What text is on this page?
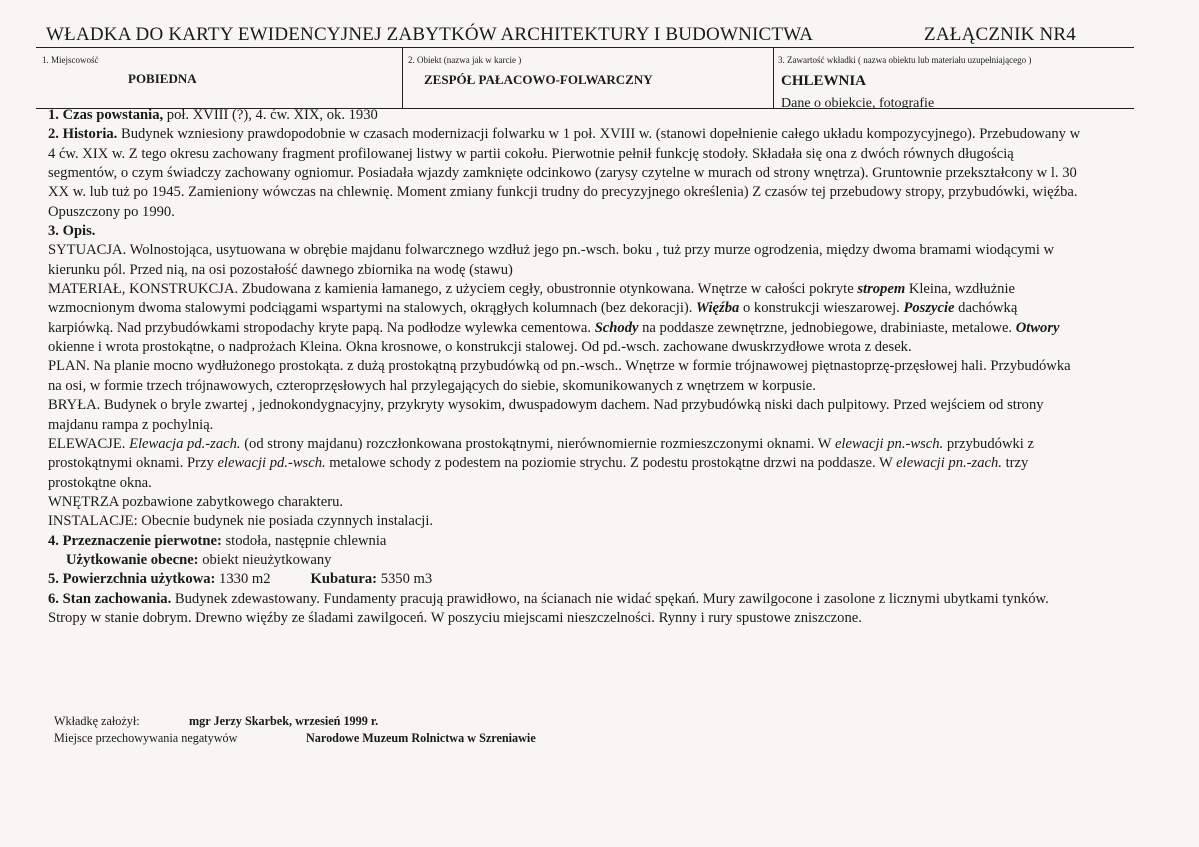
WŁADKA DO KARTY EWIDENCYJNEJ ZABYTKÓW ARCHITEKTURY I BUDOWNICTWA	ZAŁĄCZNIK NR4
1. Miejscowość
POBIEDNA
2. Obiekt (nazwa jak w karcie )
ZESPÓŁ PAŁACOWO-FOLWARCZNY
3. Zawartość wkładki ( nazwa obiektu lub materiału uzupełniającego )
CHLEWNIA
Dane o obiekcie, fotografie

1. Czas powstania, poł. XVIII (?), 4. ćw. XIX, ok. 1930

2. Historia. Budynek wzniesiony prawdopodobnie w czasach modernizacji folwarku w 1 poł. XVIII w. (stanowi dopełnienie całego układu kompozycyjnego). Przebudowany w 4 ćw. XIX w. Z tego okresu zachowany fragment profilowanej listwy w partii cokołu. Pierwotnie pełnił funkcję stodoły. Składała się ona z dwóch równych długością segmentów, o czym świadczy zachowany ogniomur. Posiadała wjazdy zamknięte odcinkowo (zarysy czytelne w murach od strony wnętrza). Gruntownie przekształcony w l. 30 XX w. lub tuż po 1945. Zamieniony wówczas na chlewnię. Moment zmiany funkcji trudny do precyzyjnego określenia) Z czasów tej przebudowy stropy, przybudówki, więźba. Opuszczony po 1990.

3. Opis.

SYTUACJA. Wolnostojąca, usytuowana w obrębie majdanu folwarcznego wzdłuż jego pn.-wsch. boku , tuż przy murze ogrodzenia, między dwoma bramami wiodącymi w kierunku pól. Przed nią, na osi pozostałość dawnego zbiornika na wodę (stawu)

MATERIAŁ, KONSTRUKCJA. Zbudowana z kamienia łamanego, z użyciem cegły, obustronnie otynkowana. Wnętrze w całości pokryte stropem Kleina, wzdłużnie wzmocnionym dwoma stalowymi podciągami wspartymi na stalowych, okrągłych kolumnach (bez dekoracji). Więźba o konstrukcji wieszarowej. Poszycie dachówką karpiówką. Nad przybudówkami stropodachy kryte papą. Na podłodze wylewka cementowa. Schody na poddasze zewnętrzne, jednobiegowe, drabiniaste, metalowe. Otwory okienne i wrota prostokątne, o nadprożach Kleina. Okna krosnowe, o konstrukcji stalowej. Od pd.-wsch. zachowane dwuskrzydłowe wrota z desek.

PLAN. Na planie mocno wydłużonego prostokąta. z dużą prostokątną przybudówką od pn.-wsch.. Wnętrze w formie trójnawowej piętnastoprzę-przęsłowej hali. Przybudówka na osi, w formie trzech trójnawowych, czteroprzęsłowych hal przylegających do siebie, skomunikowanych z wnętrzem w korpusie.

BRYŁA. Budynek o bryle zwartej , jednokondygnacyjny, przykryty wysokim, dwuspadowym dachem. Nad przybudówką niski dach pulpitowy. Przed wejściem od strony majdanu rampa z pochylnią.

ELEWACJE. Elewacja pd.-zach. (od strony majdanu) rozczłonkowana prostokątnymi, nierównomiernie rozmieszczonymi oknami. W elewacji pn.-wsch. przybudówki z prostokątnymi oknami. Przy elewacji pd.-wsch. metalowe schody z podestem na poziomie strychu. Z podestu prostokątne drzwi na poddasze. W elewacji pn.-zach. trzy prostokątne okna.

WNĘTRZA pozbawione zabytkowego charakteru.

INSTALACJE: Obecnie budynek nie posiada czynnych instalacji.

4. Przeznaczenie pierwotne: stodoła, następnie chlewnia

Użytkowanie obecne: obiekt nieużytkowany

5. Powierzchnia użytkowa: 1330 m2	Kubatura: 5350 m3

6. Stan zachowania. Budynek zdewastowany. Fundamenty pracują prawidłowo, na ścianach nie widać spękań. Mury zawilgocone i zasolone z licznymi ubytkami tynków. Stropy w stanie dobrym. Drewno więźby ze śladami zawilgoceń. W poszyciu miejscami nieszczelności. Rynny i rury spustowe zniszczone.

Wkładkę założył:	mgr Jerzy Skarbek, wrzesień 1999 r.
Miejsce przechowywania negatywów	Narodowe Muzeum Rolnictwa w Szreniawie
